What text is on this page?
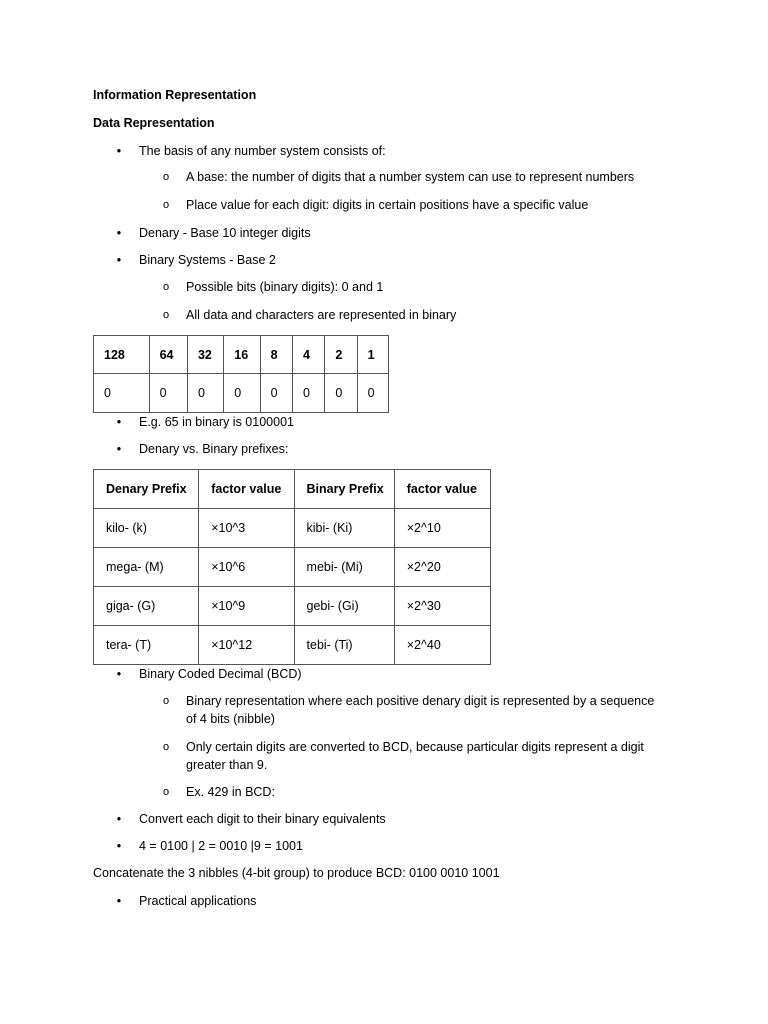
Information Representation
Data Representation
• The basis of any number system consists of:
o A base: the number of digits that a number system can use to represent numbers
o Place value for each digit: digits in certain positions have a specific value
• Denary - Base 10 integer digits
• Binary Systems - Base 2
o Possible bits (binary digits): 0 and 1
o All data and characters are represented in binary
128	64	32	16	8	4	2	1
0	0	0	0	0	0	0	0
• E.g. 65 in binary is 0100001
• Denary vs. Binary prefixes:
Denary Prefix	factor value	Binary Prefix	factor value
kilo- (k)	×10^3	kibi- (Ki)	×2^10
mega- (M)	×10^6	mebi- (Mi)	×2^20
giga- (G)	×10^9	gebi- (Gi)	×2^30
tera- (T)	×10^12	tebi- (Ti)	×2^40
• Binary Coded Decimal (BCD)
o Binary representation where each positive denary digit is represented by a sequence
of 4 bits (nibble)
o Only certain digits are converted to BCD, because particular digits represent a digit
greater than 9.
o Ex. 429 in BCD:
• Convert each digit to their binary equivalents
• 4 = 0100 | 2 = 0010 |9 = 1001
Concatenate the 3 nibbles (4-bit group) to produce BCD: 0100 0010 1001
• Practical applications
